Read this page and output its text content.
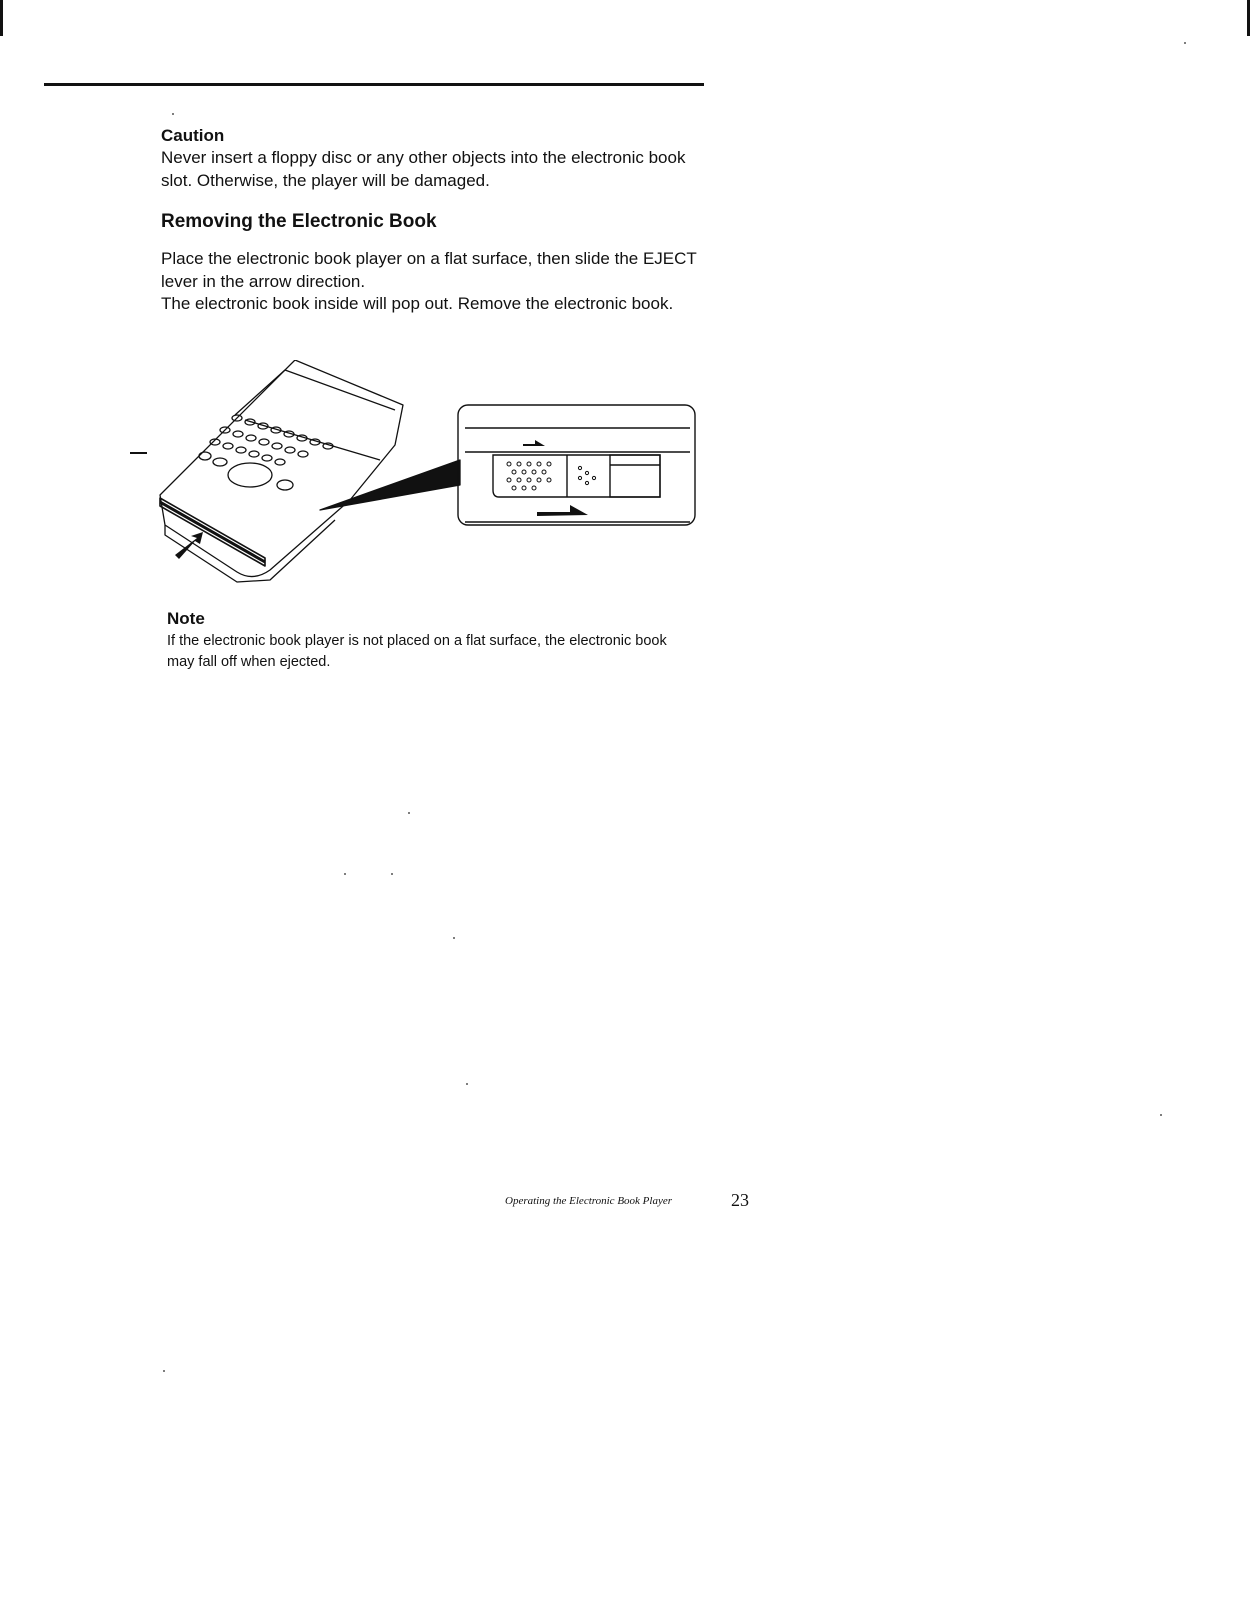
Caution
Never insert a floppy disc or any other objects into the electronic book slot. Otherwise, the player will be damaged.
Removing the Electronic Book

Place the electronic book player on a flat surface, then slide the EJECT lever in the arrow direction.

The electronic book inside will pop out. Remove the electronic book.

Note
If the electronic book player is not placed on a flat surface, the electronic book may fall off when ejected.
Operating the Electronic Book Player	23
